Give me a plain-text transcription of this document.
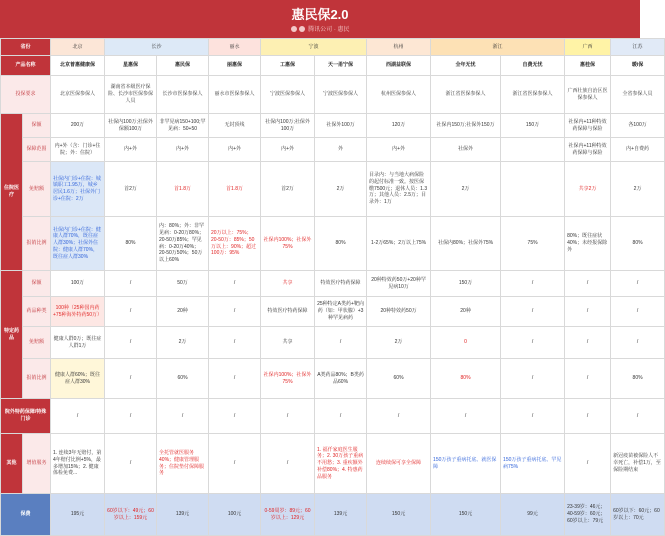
惠民保2.0
腾讯公司 · 惠民
省份		北京	长沙		丽水	宁波		杭州	浙江		广西	江苏
产品名称		北京普惠健康保	星惠保	惠民保	丽惠保	工惠保	天一甬宁保	西湖益联保	全年无忧	自费无忧	惠桂保	暖i保
投保要求		北京医保参保人	湖南省本级医疗保险、长沙市医保参保人员	长沙市医保参保人	丽水市医保参保人	宁波医保参保人	宁波医保参保人	杭州医保参保人	浙江省医保参保人	浙江省医保参保人	广西壮族自治区医保参保人	全省参保人员
住院医疗	保额	200万	社保内100万;社保外保额100万	非罕见病150+100;罕见病：50+50	无封顶线	社保内100万;社保外100万	社保外100万	120万	社保内150万;社保外150万	150万	社保内+11种特效药保障与保险	各100万
	保障范围	内+外（含：门诊+住院；外：住院）	内+外	内+外	内+外	内+外	外	内+外	社保外		社保内+11种特效药保障与保险	内+自费药
	免赔额	社保内门诊+住院：城镇职工1.95万，城乡居民1.6万；社保外门诊+住院：2万	首2万	首1.8万	首1.8万	首2万	2万	目录内：与当地大病保险的起付标准一致。按医保缴7500元；退休人员：1.3万；其他人员：2.5万；目录外：1万	2万		共享2万	2万
	报销比例	社保内门诊+住院：健康人群70%，既往症人群30%；社保外住院：健康人群70%，既往症人群30%	80%	内：80%；外：非罕见病：0-20万80%；20-50万85%；罕见病：0-20万40%；20-50万50%；50万以上60%	20万以上：75%；20-50万：85%；50万以上：90%；超过100万：95%	社保内100%；社保外75%	80%	1-2万65%；2万以上75%	社保内80%；社保外75%	75%	80%；既往症状40%；未经报保除外	80%
特定药品	保额	100万	/	50万	/	共享	特效医疗特药保障	20种特效药50万+20种罕见病10万	150万	/	/	/
	药品种类	100种（25种国内药+75种海外特药50万）	/	20种	/	特效医疗特药保障	25种特定A类药+靶向药（如：甲状腺）+3种罕见病药	20种特效药50万	20种	/	/	/
	免赔额	健康人群0万；既往症人群1万	/	2万	/	共享	/	2万	0	/	/	/
	报销比例	健康人群60%；既往症人群30%	/	60%	/	社保内100%；社保外75%	A类药品80%；B类药品60%	60%	80%	/	/	80%
院外特药保障/特殊门诊		/	/	/	/	/	/	/	/	/	/	/
其他	增值服务	1. 连续3年无赔付，第4年赔付比例+5%，最多增加15%；2. 健康体检免费...	/	全托管就医服务40%；健康管理服务；住院垫付保障服务	/	/	1. 福仟家庭医生服务；2. 30万孩子重病不用愁；3. 重疾额外补偿80%；4. 特惠药品服务	连续续保可享全保障	150万孩子重病托底、就医保障	150万孩子重病托底、罕见病75%	/	新冠疫苗被保险人不幸死亡，补偿1万，至保险期结束
保费		195元	60岁以下：49元；60岁以上：159元	139元	100元	0-59周岁：89元；60岁以上：129元	139元	150元	150元	99元	23-39岁：46元；40-59岁：60元；60岁以上：79元	60岁以下：60元；60岁以上：70元
